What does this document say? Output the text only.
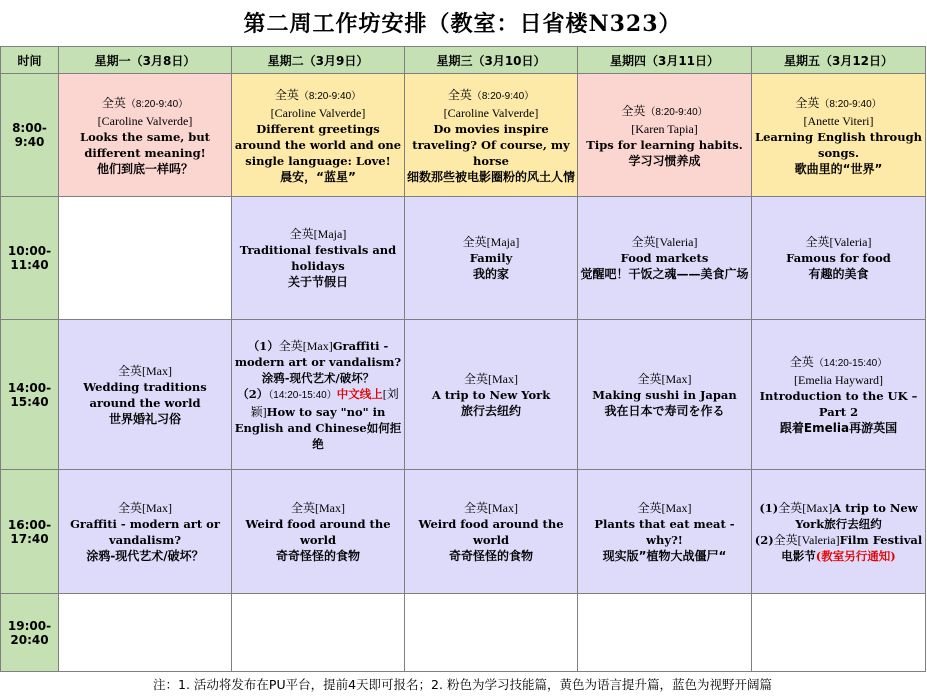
第二周工作坊安排（教室：日省楼N323）
时间	星期一（3月8日）	星期二（3月9日）	星期三（3月10日）	星期四（3月11日）	星期五（3月12日）
8:00-9:40	全英（8:20-9:40）
[Caroline Valverde]
Looks the same, but different meaning!
他们到底一样吗？	全英（8:20-9:40）
[Caroline Valverde]
Different greetings around the world and one single language: Love!
晨安，“蓝星”	全英（8:20-9:40）
[Caroline Valverde]
Do movies inspire traveling? Of course, my horse
细数那些被电影圈粉的风土人情	全英（8:20-9:40）
[Karen Tapia]
Tips for learning habits.
学习习惯养成	全英（8:20-9:40）
[Anette Viteri]
Learning English through songs.
歌曲里的“世界”

10:00-11:40		全英[Maja]
Traditional festivals and holidays
关于节假日	全英[Maja]
Family
我的家	全英[Valeria]
Food markets
觉醒吧！干饭之魂——美食广场	全英[Valeria]
Famous for food
有趣的美食

14:00-15:40	全英[Max]
Wedding traditions around the world
世界婚礼习俗	（1）全英[Max]Graffiti - modern art or vandalism?涂鸦-现代艺术/破坏？
（2）（14:20-15:40）中文线上[刘颖]How to say "no" in English and Chinese如何拒绝	全英[Max]
A trip to New York
旅行去纽约	全英[Max]
Making sushi in Japan
我在日本で寿司を作る	全英（14:20-15:40）
[Emelia Hayward]
Introduction to the UK – Part 2
跟着Emelia再游英国

16:00-17:40	全英[Max]
Graffiti - modern art or vandalism?
涂鸦-现代艺术/破坏？	全英[Max]
Weird food around the world
奇奇怪怪的食物	全英[Max]
Weird food around the world
奇奇怪怪的食物	全英[Max]
Plants that eat meat - why?!
现实版”植物大战僵尸“	(1)全英[Max]A trip to New York旅行去纽约
(2)全英[Valeria]Film Festival 电影节(教室另行通知)

19:00-20:40					
注：1. 活动将发布在PU平台，提前4天即可报名；2. 粉色为学习技能篇，黄色为语言提升篇，蓝色为视野开阔篇
